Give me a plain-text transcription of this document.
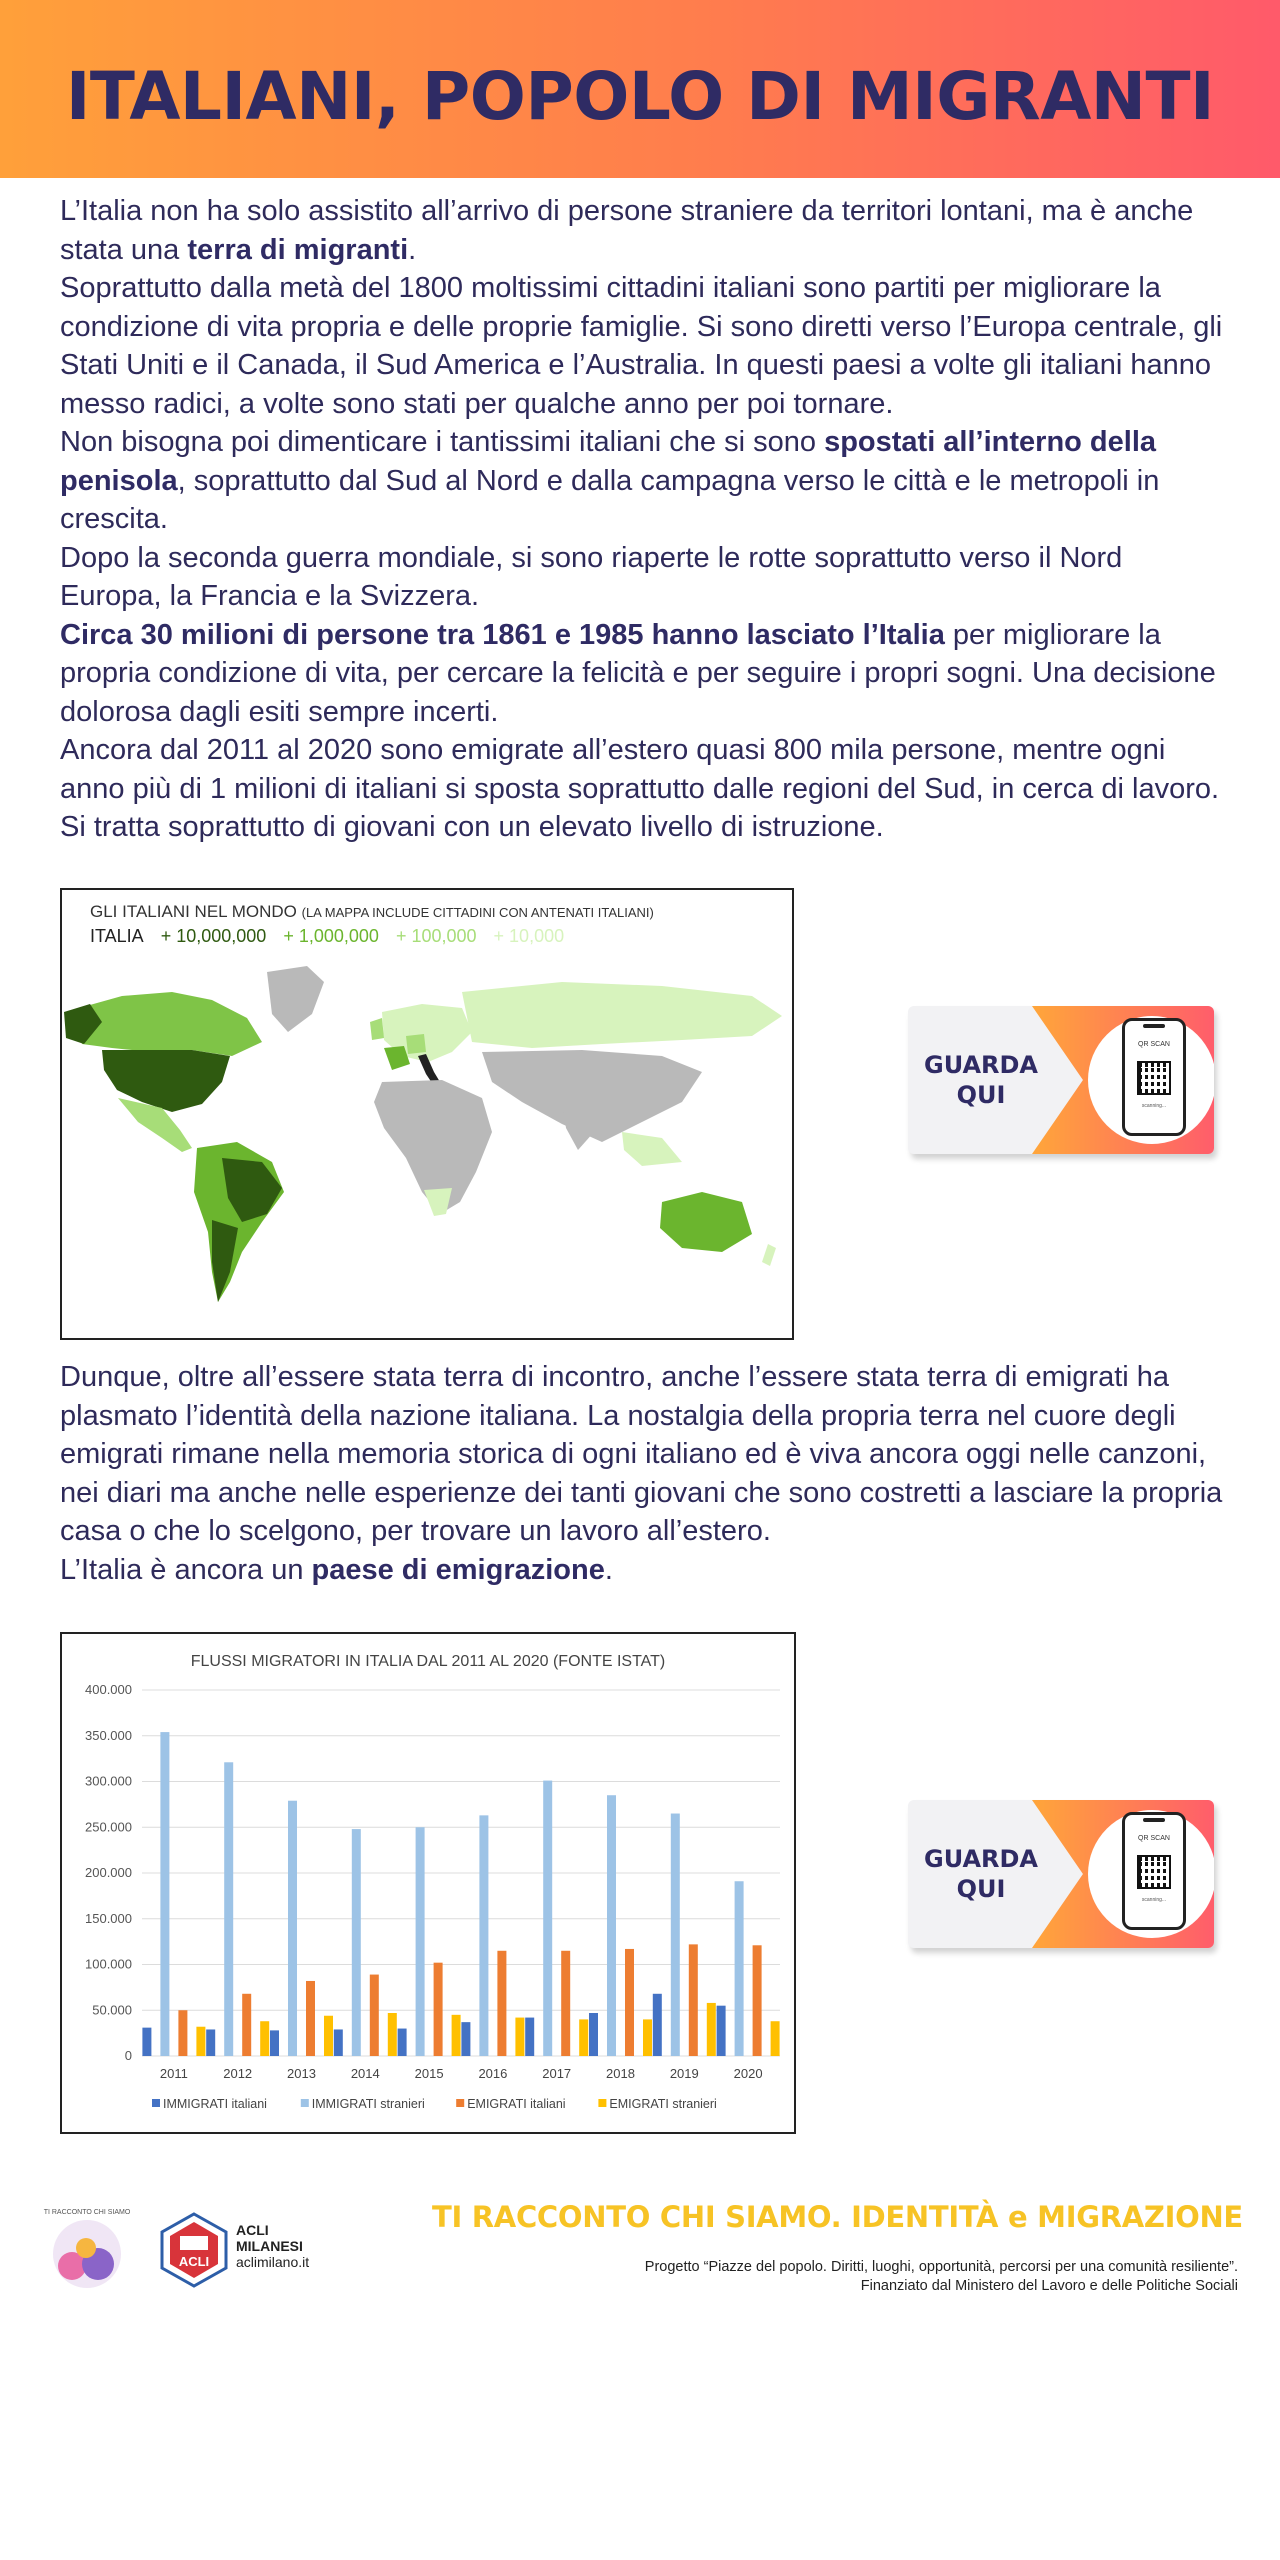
ITALIANI, POPOLO DI MIGRANTI

L’Italia non ha solo assistito all’arrivo di persone straniere da territori lontani, ma è anche stata una terra di migranti.

Soprattutto dalla metà del 1800 moltissimi cittadini italiani sono partiti per migliorare la condizione di vita propria e delle proprie famiglie. Si sono diretti verso l’Europa centrale, gli Stati Uniti e il Canada, il Sud America e l’Australia. In questi paesi a volte gli italiani hanno messo radici, a volte sono stati per qualche anno per poi tornare.

Non bisogna poi dimenticare i tantissimi italiani che si sono spostati all’interno della penisola, soprattutto dal Sud al Nord e dalla campagna verso le città e le metropoli in crescita.

Dopo la seconda guerra mondiale, si sono riaperte le rotte soprattutto verso il Nord Europa, la Francia e la Svizzera.

Circa 30 milioni di persone tra 1861 e 1985 hanno lasciato l’Italia per migliorare la propria condizione di vita, per cercare la felicità e per seguire i propri sogni. Una decisione dolorosa dagli esiti sempre incerti.

Ancora dal 2011 al 2020 sono emigrate all’estero quasi 800 mila persone, mentre ogni anno più di 1 milioni di italiani si sposta soprattutto dalle regioni del Sud, in cerca di lavoro. Si tratta soprattutto di giovani con un elevato livello di istruzione.

GLI ITALIANI NEL MONDO (LA MAPPA INCLUDE CITTADINI CON ANTENATI ITALIANI)
ITALIA + 10,000,000 + 1,000,000 + 100,000 + 10,000
GUARDA
QUI
QR SCAN
scanning...

Dunque, oltre all’essere stata terra di incontro, anche l’essere stata terra di emigrati ha plasmato l’identità della nazione italiana. La nostalgia della propria terra nel cuore degli emigrati rimane nella memoria storica di ogni italiano ed è viva ancora oggi nelle canzoni, nei diari ma anche nelle esperienze dei tanti giovani che sono costretti a lasciare la propria casa o che lo scelgono, per trovare un lavoro all’estero.

L’Italia è ancora un paese di emigrazione.

FLUSSI MIGRATORI IN ITALIA DAL 2011 AL 2020 (FONTE ISTAT)
0
50.000
100.000
150.000
200.000
250.000
300.000
350.000
400.000
2011	2012	2013	2014	2015	2016	2017	2018	2019	2020
IMMIGRATI italiani	IMMIGRATI stranieri	EMIGRATI italiani	EMIGRATI stranieri
GUARDA
QUI
QR SCAN
scanning...
TI RACCONTO CHI SIAMO
ACLI
ACLI
MILANESI
aclimilano.it
TI RACCONTO CHI SIAMO. IDENTITÀ e MIGRAZIONE
Progetto “Piazze del popolo. Diritti, luoghi, opportunità, percorsi per una comunità resiliente”.
Finanziato dal Ministero del Lavoro e delle Politiche Sociali
